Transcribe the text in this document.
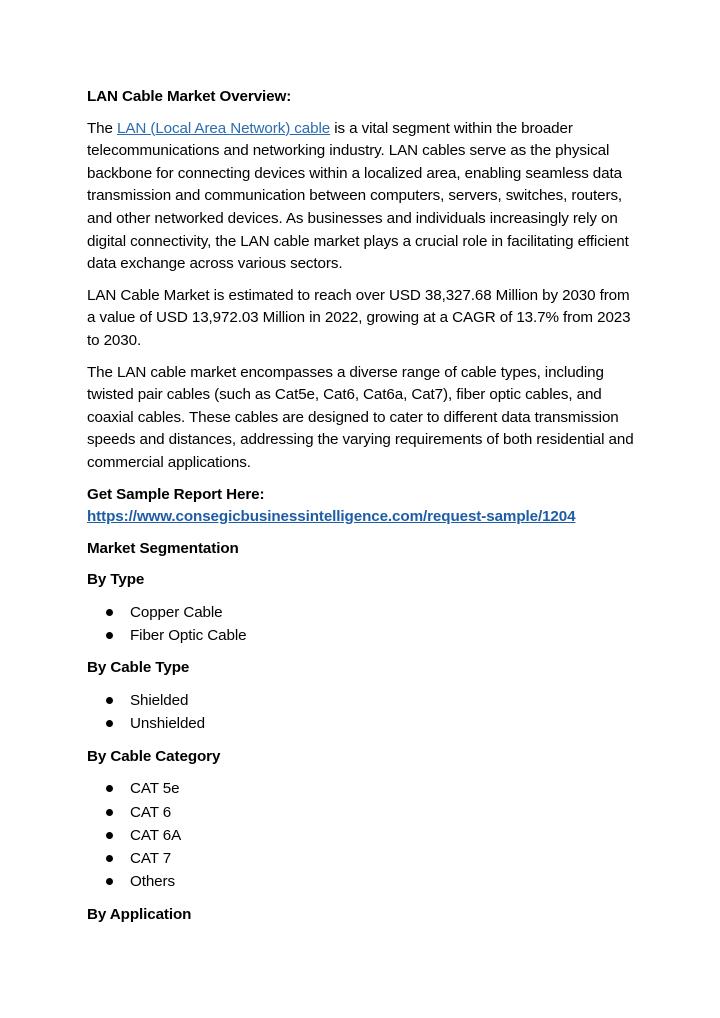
LAN Cable Market Overview:

The LAN (Local Area Network) cable is a vital segment within the broader telecommunications and networking industry. LAN cables serve as the physical backbone for connecting devices within a localized area, enabling seamless data transmission and communication between computers, servers, switches, routers, and other networked devices. As businesses and individuals increasingly rely on digital connectivity, the LAN cable market plays a crucial role in facilitating efficient data exchange across various sectors.

LAN Cable Market is estimated to reach over USD 38,327.68 Million by 2030 from a value of USD 13,972.03 Million in 2022, growing at a CAGR of 13.7% from 2023 to 2030.

The LAN cable market encompasses a diverse range of cable types, including twisted pair cables (such as Cat5e, Cat6, Cat6a, Cat7), fiber optic cables, and coaxial cables. These cables are designed to cater to different data transmission speeds and distances, addressing the varying requirements of both residential and commercial applications.

Get Sample Report Here:

https://www.consegicbusinessintelligence.com/request-sample/1204

Market Segmentation

By Type

Copper Cable
Fiber Optic Cable

By Cable Type

Shielded
Unshielded

By Cable Category

CAT 5e
CAT 6
CAT 6A
CAT 7
Others

By Application
